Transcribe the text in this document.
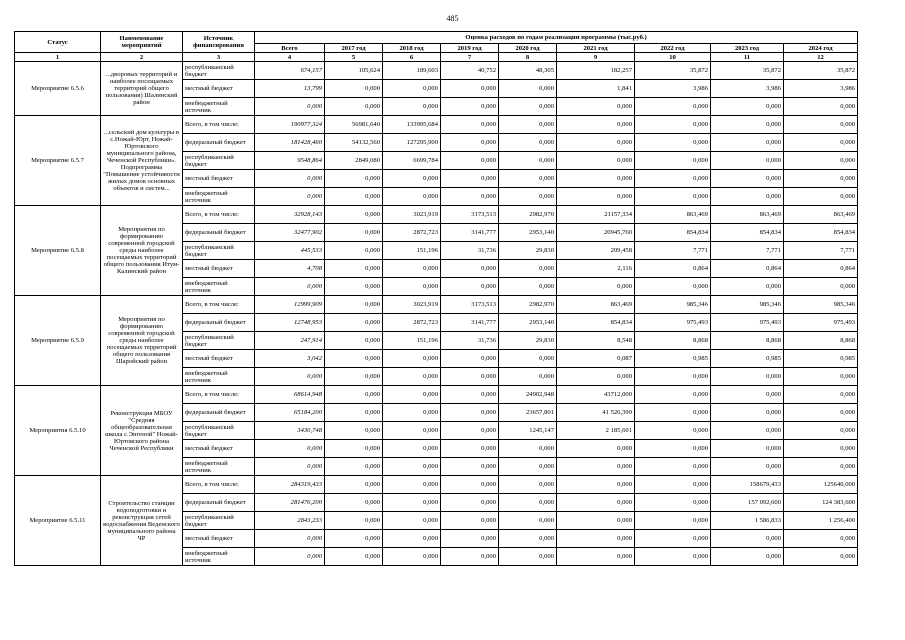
485
Статус	Наименование мероприятий	Источник финансирования	Оценка расходов по годам реализации программы (тыс.руб.)								
			Всего	2017 год	2018 год	2019 год	2020 год	2021 год	2022 год	2023 год	2024 год
1	2	3	4	5	6	7	8	9	10	11	12
Мероприятие 6.5.6	...дворовых территорий и наиболее посещаемых территорий общего пользования) Шалинский район	республиканский бюджет	674,157	105,624	189,603	40,752	48,305	182,257	35,872	35,872	35,872
		местный бюджет	13,799	0,000	0,000	0,000	0,000	1,841	3,986	3,986	3,986
		внебюджетный источник	0,000	0,000	0,000	0,000	0,000	0,000	0,000	0,000	0,000
Мероприятие 6.5.7	...сельский дом культуры в с.Ножай-Юрт, Ножай-Юртовского муниципального района, Чеченской Республики». Подпрограмма "Повышение устойчивости жилых домов основных объектов и систем...	Всего, в том числе:	190977,324	56981,640	133995,684	0,000	0,000	0,000	0,000	0,000	0,000
		федеральный бюджет	181428,460	54132,560	127295,900	0,000	0,000	0,000	0,000	0,000	0,000
		республиканский бюджет	9548,864	2849,080	6699,784	0,000	0,000	0,000	0,000	0,000	0,000
		местный бюджет	0,000	0,000	0,000	0,000	0,000	0,000	0,000	0,000	0,000
		внебюджетный источник	0,000	0,000	0,000	0,000	0,000	0,000	0,000	0,000	0,000
Мероприятие 6.5.8	Мероприятия по формированию современной городской среды наиболее посещаемых территорий общего пользования Итум-Калинский район	Всего, в том числе:	32928,143	0,000	3023,919	3173,513	2982,970	21157,334	863,469	863,469	863,469
		федеральный бюджет	32477,902	0,000	2872,723	3141,777	2953,140	20945,760	854,834	854,834	854,834
		республиканский бюджет	445,533	0,000	151,196	31,736	29,830	209,458	7,771	7,771	7,771
		местный бюджет	4,708	0,000	0,000	0,000	0,000	2,116	0,864	0,864	0,864
		внебюджетный источник	0,000	0,000	0,000	0,000	0,000	0,000	0,000	0,000	0,000
Мероприятие 6.5.9	Мероприятия по формированию современной городской среды наиболее посещаемых территорий общего пользования Шаройский район	Всего, в том числе:	12999,909	0,000	3023,919	3173,513	2982,970	863,469	985,346	985,346	985,346
		федеральный бюджет	12748,953	0,000	2872,723	3141,777	2953,140	854,834	975,493	975,493	975,493
		республиканский бюджет	247,914	0,000	151,196	31,736	29,830	8,548	8,868	8,868	8,868
		местный бюджет	3,042	0,000	0,000	0,000	0,000	0,087	0,985	0,985	0,985
		внебюджетный источник	0,000	0,000	0,000	0,000	0,000	0,000	0,000	0,000	0,000
Мероприятия 6.5.10	Реконструкция МБОУ "Средняя общеобразовательная школа с.Энгеной" Ножай-Юртовского района Чеченской Республики	Всего, в том числе:	68614,948	0,000	0,000	0,000	24902,948	43712,000	0,000	0,000	0,000
		федеральный бюджет	65184,200	0,000	0,000	0,000	23657,801	41 526,399	0,000	0,000	0,000
		республиканский бюджет	3430,748	0,000	0,000	0,000	1245,147	2 185,601	0,000	0,000	0,000
		местный бюджет	0,000	0,000	0,000	0,000	0,000	0,000	0,000	0,000	0,000
		внебюджетный источник	0,000	0,000	0,000	0,000	0,000	0,000	0,000	0,000	0,000
Мероприятие 6.5.11	Строительство станции водоподготовки и реконструкция сетей водоснабжения Веденского муниципального района ЧР	Всего, в том числе:	284319,433	0,000	0,000	0,000	0,000	0,000	0,000	158679,433	125640,000
		федеральный бюджет	281476,200	0,000	0,000	0,000	0,000	0,000	0,000	157 092,600	124 383,600
		республиканский бюджет	2843,233	0,000	0,000	0,000	0,000	0,000	0,000	1 586,833	1 256,400
		местный бюджет	0,000	0,000	0,000	0,000	0,000	0,000	0,000	0,000	0,000
		внебюджетный источник	0,000	0,000	0,000	0,000	0,000	0,000	0,000	0,000	0,000
